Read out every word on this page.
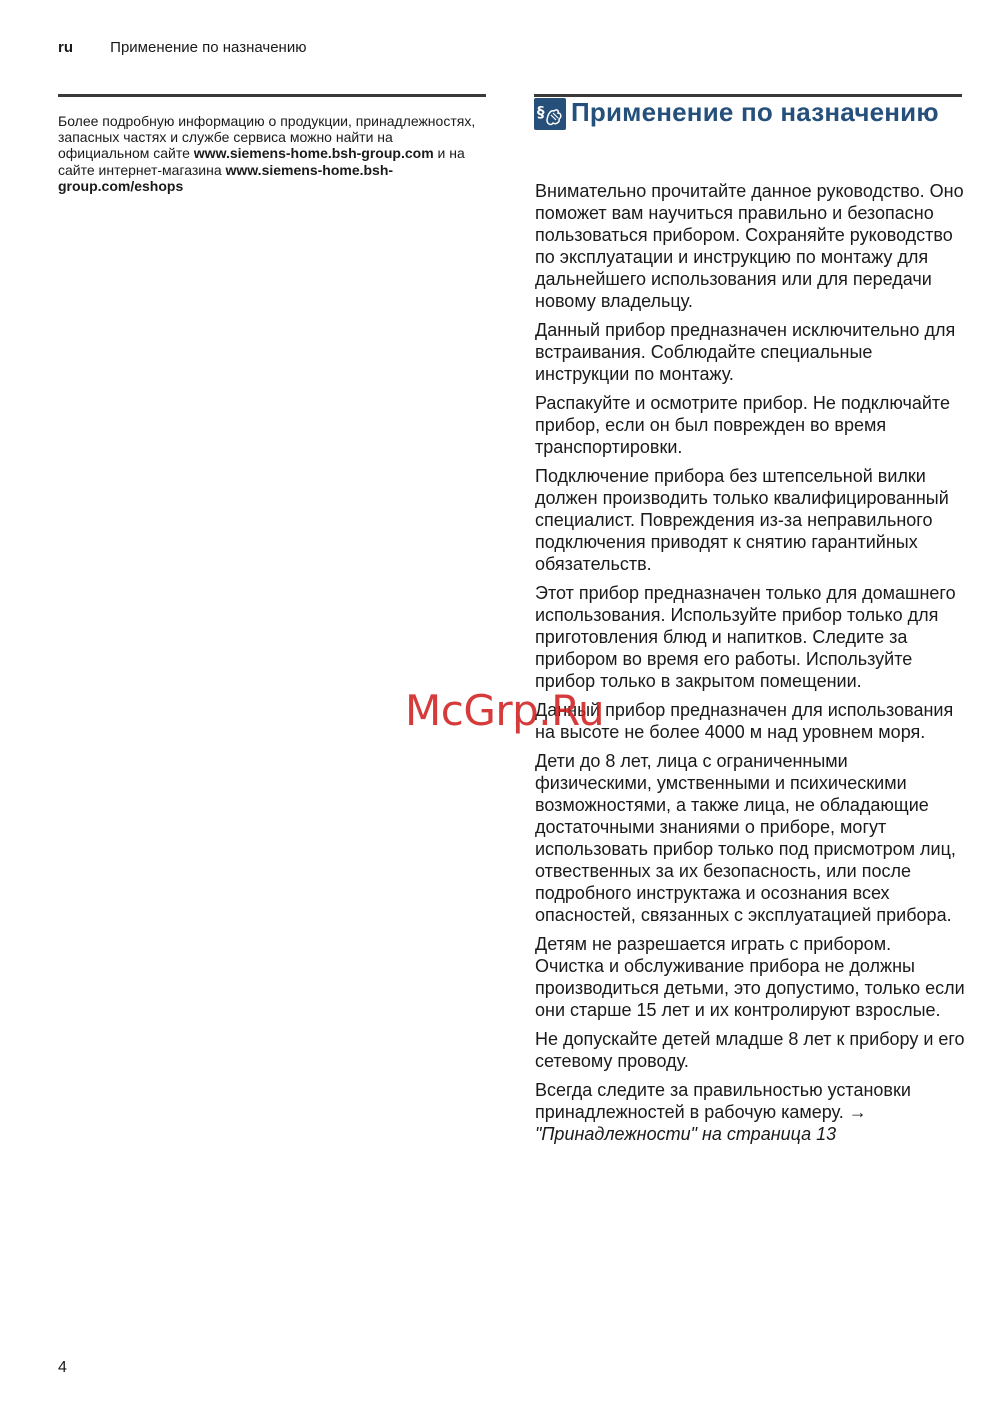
ru Применение по назначению
Более подробную информацию о продукции, принадлежностях, запасных частях и службе сервиса можно найти на официальном сайте www.siemens-home.bsh-group.com и на сайте интернет-магазина www.siemens-home.bsh-group.com/eshops
§	Применение по назначению

Внимательно прочитайте данное руководство. Оно поможет вам научиться правильно и безопасно пользоваться прибором. Сохраняйте руководство по эксплуатации и инструкцию по монтажу для дальнейшего использования или для передачи новому владельцу.

Данный прибор предназначен исключительно для встраивания. Соблюдайте специальные инструкции по монтажу.

Распакуйте и осмотрите прибор. Не подключайте прибор, если он был поврежден во время транспортировки.

Подключение прибора без штепсельной вилки должен производить только квалифицированный специалист. Повреждения из-за неправильного подключения приводят к снятию гарантийных обязательств.

Этот прибор предназначен только для домашнего использования. Используйте прибор только для приготовления блюд и напитков. Следите за прибором во время его работы. Используйте прибор только в закрытом помещении.

Данный прибор предназначен для использования на высоте не более 4000 м над уровнем моря.

Дети до 8 лет, лица с ограниченными физическими, умственными и психическими возможностями, а также лица, не обладающие достаточными знаниями о приборе, могут использовать прибор только под присмотром лиц, отвественных за их безопасность, или после подробного инструктажа и осознания всех опасностей, связанных с эксплуатацией прибора.

Детям не разрешается играть с прибором. Очистка и обслуживание прибора не должны производиться детьми, это допустимо, только если они старше 15 лет и их контролируют взрослые.

Не допускайте детей младше 8 лет к прибору и его сетевому проводу.

Всегда следите за правильностью установки принадлежностей в рабочую камеру. → "Принадлежности" на страница 13

McGrp.Ru
4
